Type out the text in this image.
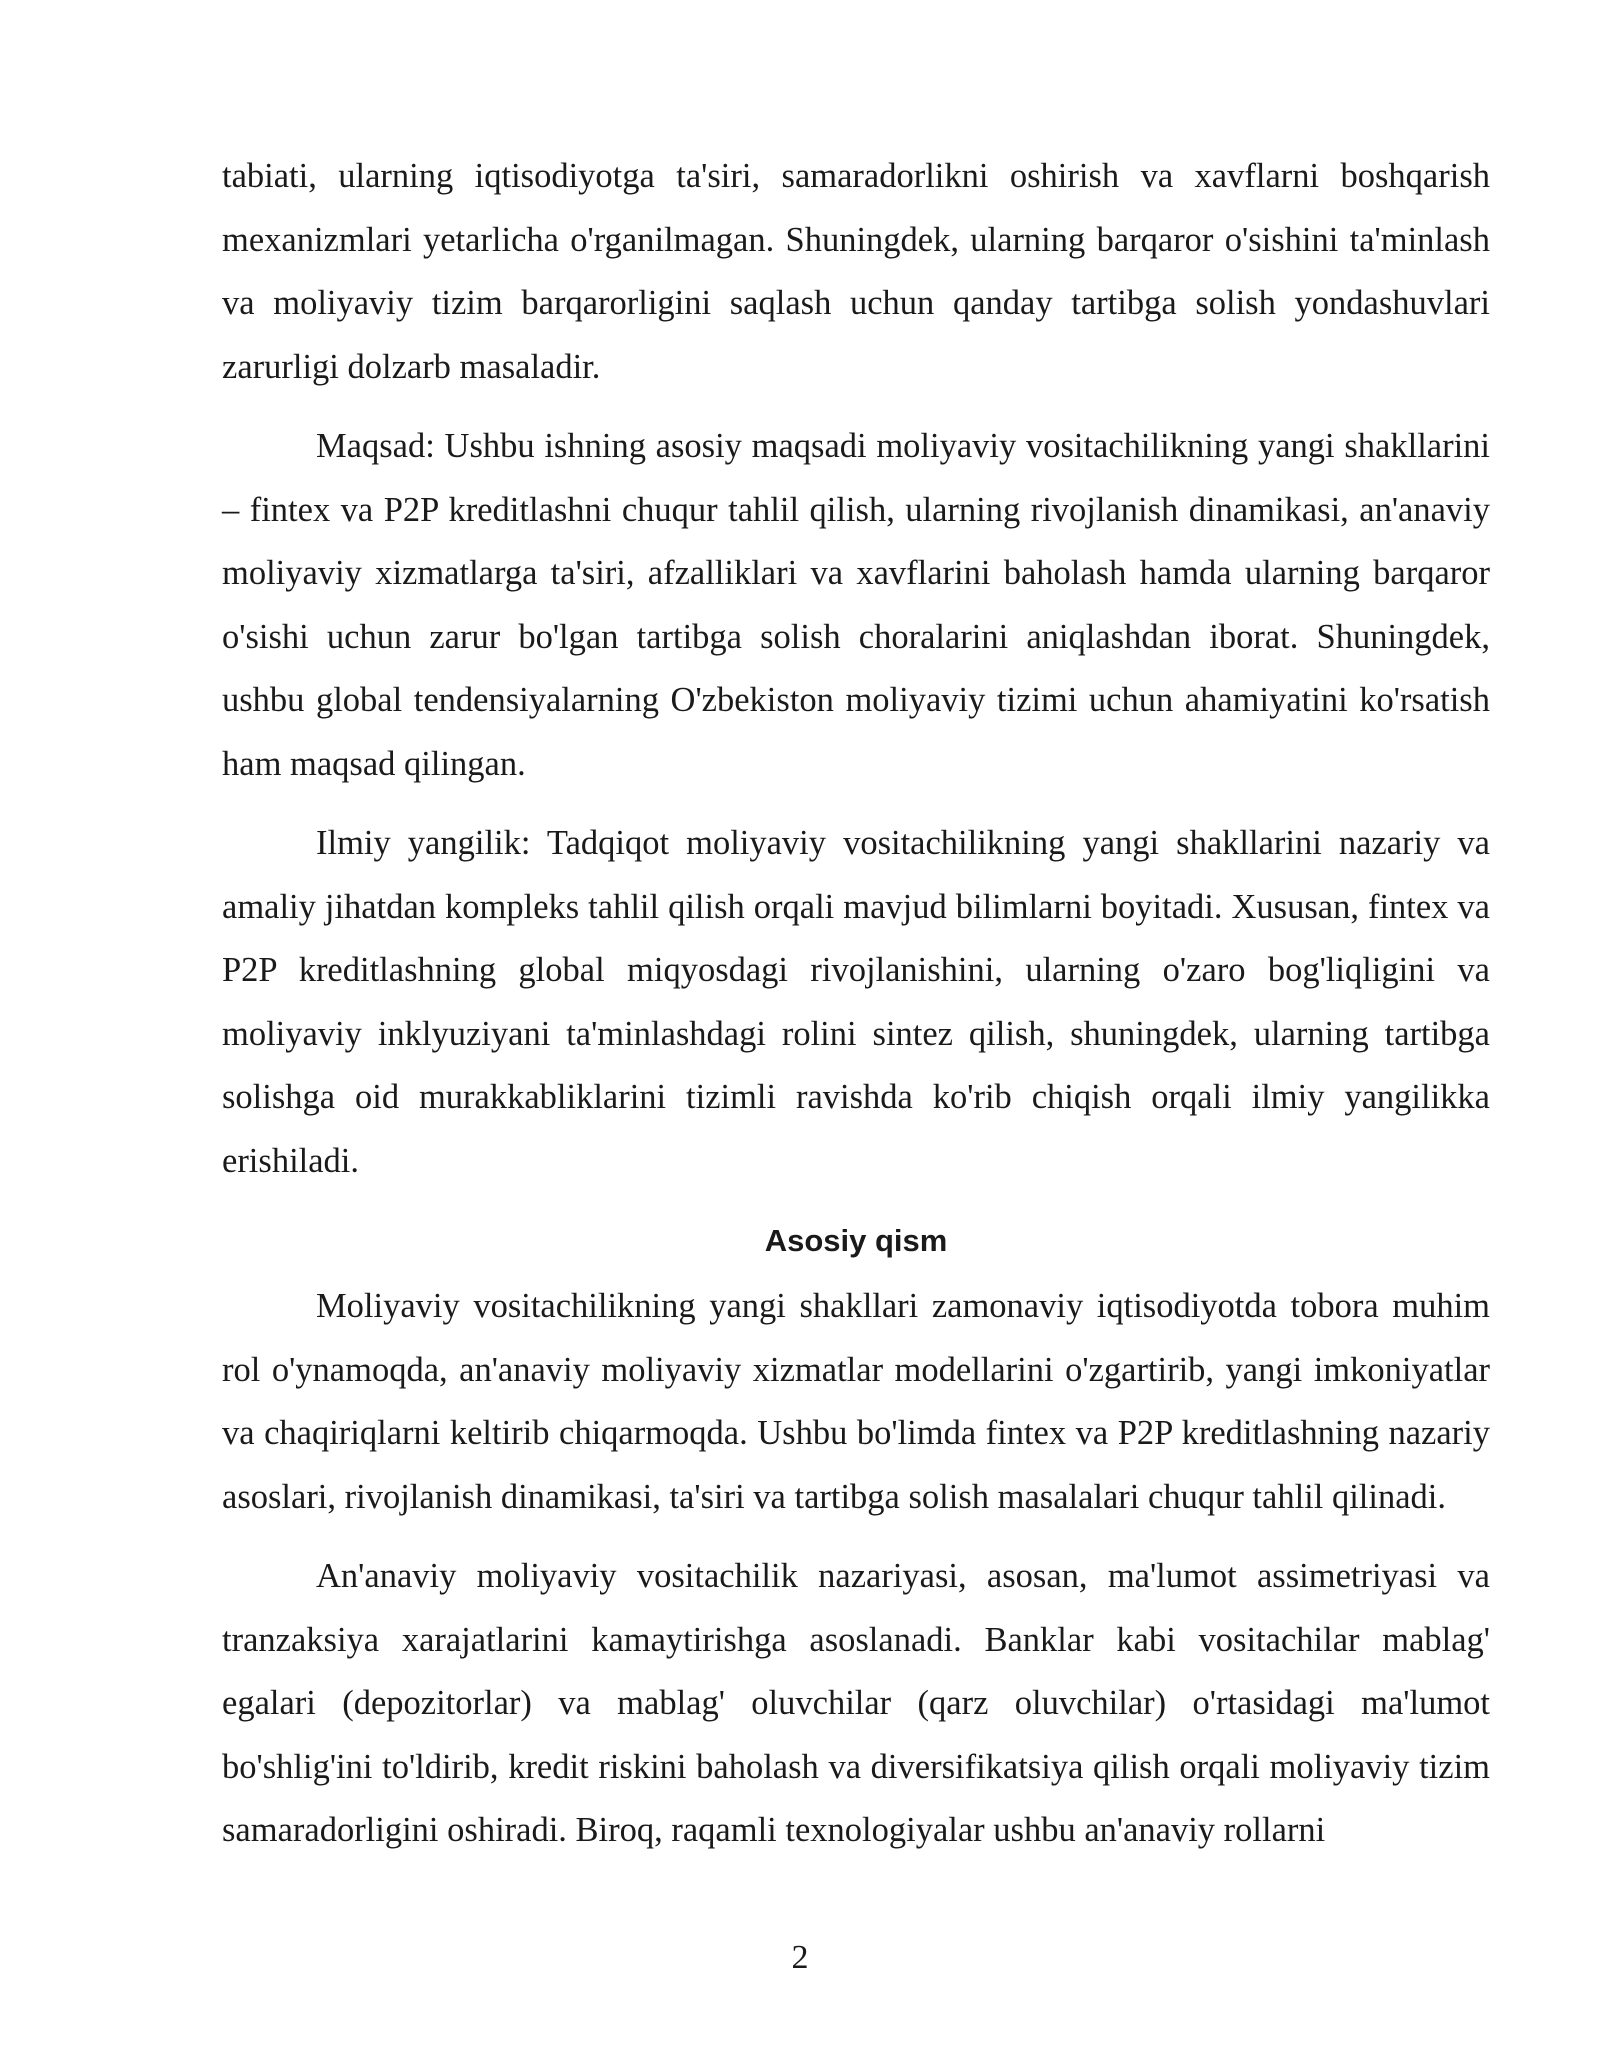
tabiati, ularning iqtisodiyotga ta'siri, samaradorlikni oshirish va xavflarni boshqarish mexanizmlari yetarlicha o'rganilmagan. Shuningdek, ularning barqaror o'sishini ta'minlash va moliyaviy tizim barqarorligini saqlash uchun qanday tartibga solish yondashuvlari zarurligi dolzarb masaladir.

Maqsad: Ushbu ishning asosiy maqsadi moliyaviy vositachilikning yangi shakllarini – fintex va P2P kreditlashni chuqur tahlil qilish, ularning rivojlanish dinamikasi, an'anaviy moliyaviy xizmatlarga ta'siri, afzalliklari va xavflarini baholash hamda ularning barqaror o'sishi uchun zarur bo'lgan tartibga solish choralarini aniqlashdan iborat. Shuningdek, ushbu global tendensiyalarning O'zbekiston moliyaviy tizimi uchun ahamiyatini ko'rsatish ham maqsad qilingan.

Ilmiy yangilik: Tadqiqot moliyaviy vositachilikning yangi shakllarini nazariy va amaliy jihatdan kompleks tahlil qilish orqali mavjud bilimlarni boyitadi. Xususan, fintex va P2P kreditlashning global miqyosdagi rivojlanishini, ularning o'zaro bog'liqligini va moliyaviy inklyuziyani ta'minlashdagi rolini sintez qilish, shuningdek, ularning tartibga solishga oid murakkabliklarini tizimli ravishda ko'rib chiqish orqali ilmiy yangilikka erishiladi.

Asosiy qism

Moliyaviy vositachilikning yangi shakllari zamonaviy iqtisodiyotda tobora muhim rol o'ynamoqda, an'anaviy moliyaviy xizmatlar modellarini o'zgartirib, yangi imkoniyatlar va chaqiriqlarni keltirib chiqarmoqda. Ushbu bo'limda fintex va P2P kreditlashning nazariy asoslari, rivojlanish dinamikasi, ta'siri va tartibga solish masalalari chuqur tahlil qilinadi.

An'anaviy moliyaviy vositachilik nazariyasi, asosan, ma'lumot assimetriyasi va tranzaksiya xarajatlarini kamaytirishga asoslanadi. Banklar kabi vositachilar mablag' egalari (depozitorlar) va mablag' oluvchilar (qarz oluvchilar) o'rtasidagi ma'lumot bo'shlig'ini to'ldirib, kredit riskini baholash va diversifikatsiya qilish orqali moliyaviy tizim samaradorligini oshiradi. Biroq, raqamli texnologiyalar ushbu an'anaviy rollarni

2
